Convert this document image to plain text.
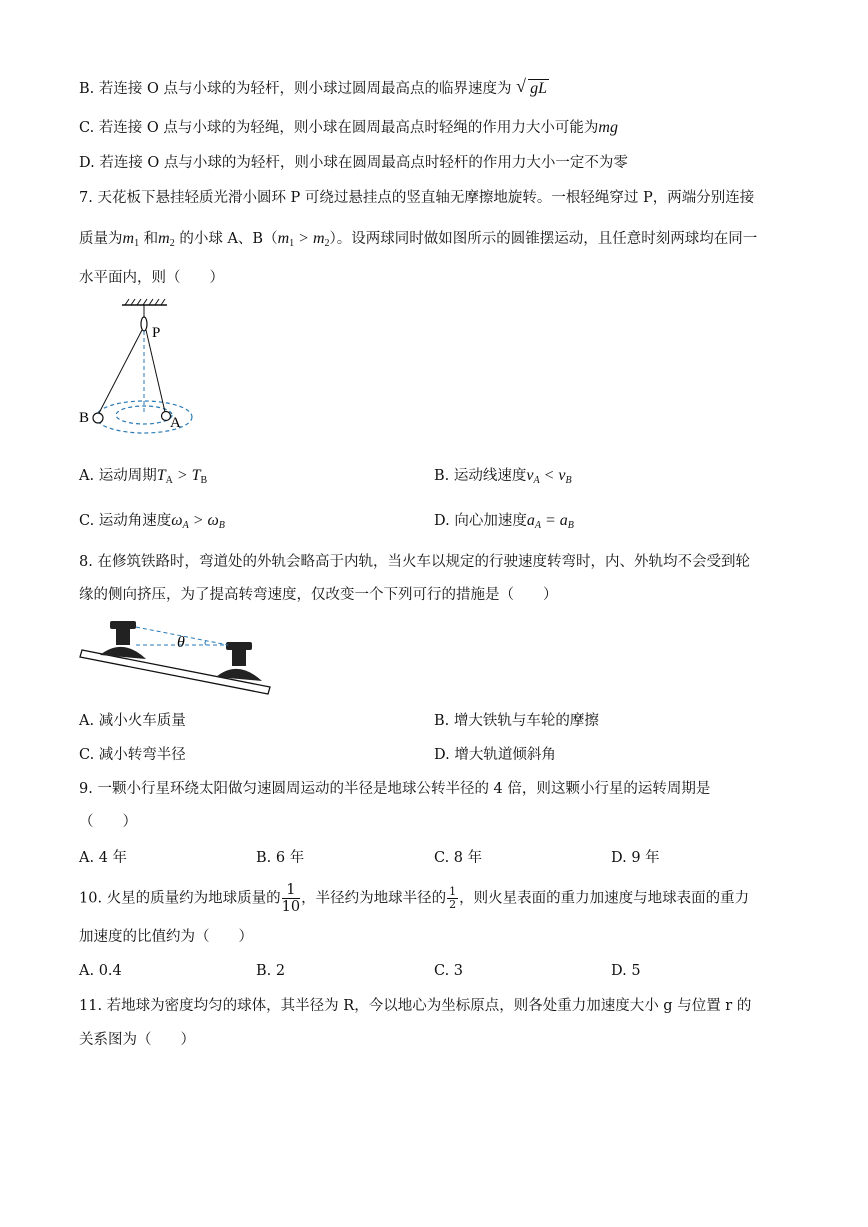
B. 若连接 O 点与小球的为轻杆，则小球过圆周最高点的临界速度为 √ gL
C. 若连接 O 点与小球的为轻绳，则小球在圆周最高点时轻绳的作用力大小可能为mg
D. 若连接 O 点与小球的为轻杆，则小球在圆周最高点时轻杆的作用力大小一定不为零
7. 天花板下悬挂轻质光滑小圆环 P 可绕过悬挂点的竖直轴无摩擦地旋转。一根轻绳穿过 P，两端分别连接
质量为$m_1$ 和$m_2$ 的小球 A、$B(m_1 > m_2)$。设两球同时做如图所示的圆锥摆运动，且任意时刻两球均在同一
水平面内，则（　　）
P
B	A
A. 运动周期$T_A > T_B$	B. 运动线速度vA < vB
C. 运动角速度ωA > ωB	D. 向心加速度aA = aB
8. 在修筑铁路时，弯道处的外轨会略高于内轨，当火车以规定的行驶速度转弯时，内、外轨均不会受到轮
缘的侧向挤压，为了提高转弯速度，仅改变一个下列可行的措施是（　　）
θ
A. 减小火车质量	B. 增大铁轨与车轮的摩擦
C. 减小转弯半径	D. 增大轨道倾斜角
9. 一颗小行星环绕太阳做匀速圆周运动的半径是地球公转半径的 4 倍，则这颗小行星的运转周期是
（　　）
A. 4 年	B. 6 年	C. 8 年	D. 9 年
10. 火星的质量约为地球质量的 $\frac{1}{10}$ ，半径约为地球半径的 $\frac{1}{2}$ ，则火星表面的重力加速度与地球表面的重力
加速度的比值约为（　　）
A. 0.4	B. 2	C. 3	D. 5
11. 若地球为密度均匀的球体，其半径为 R，今以地心为坐标原点，则各处重力加速度大小 g 与位置 r 的
关系图为（　　）
